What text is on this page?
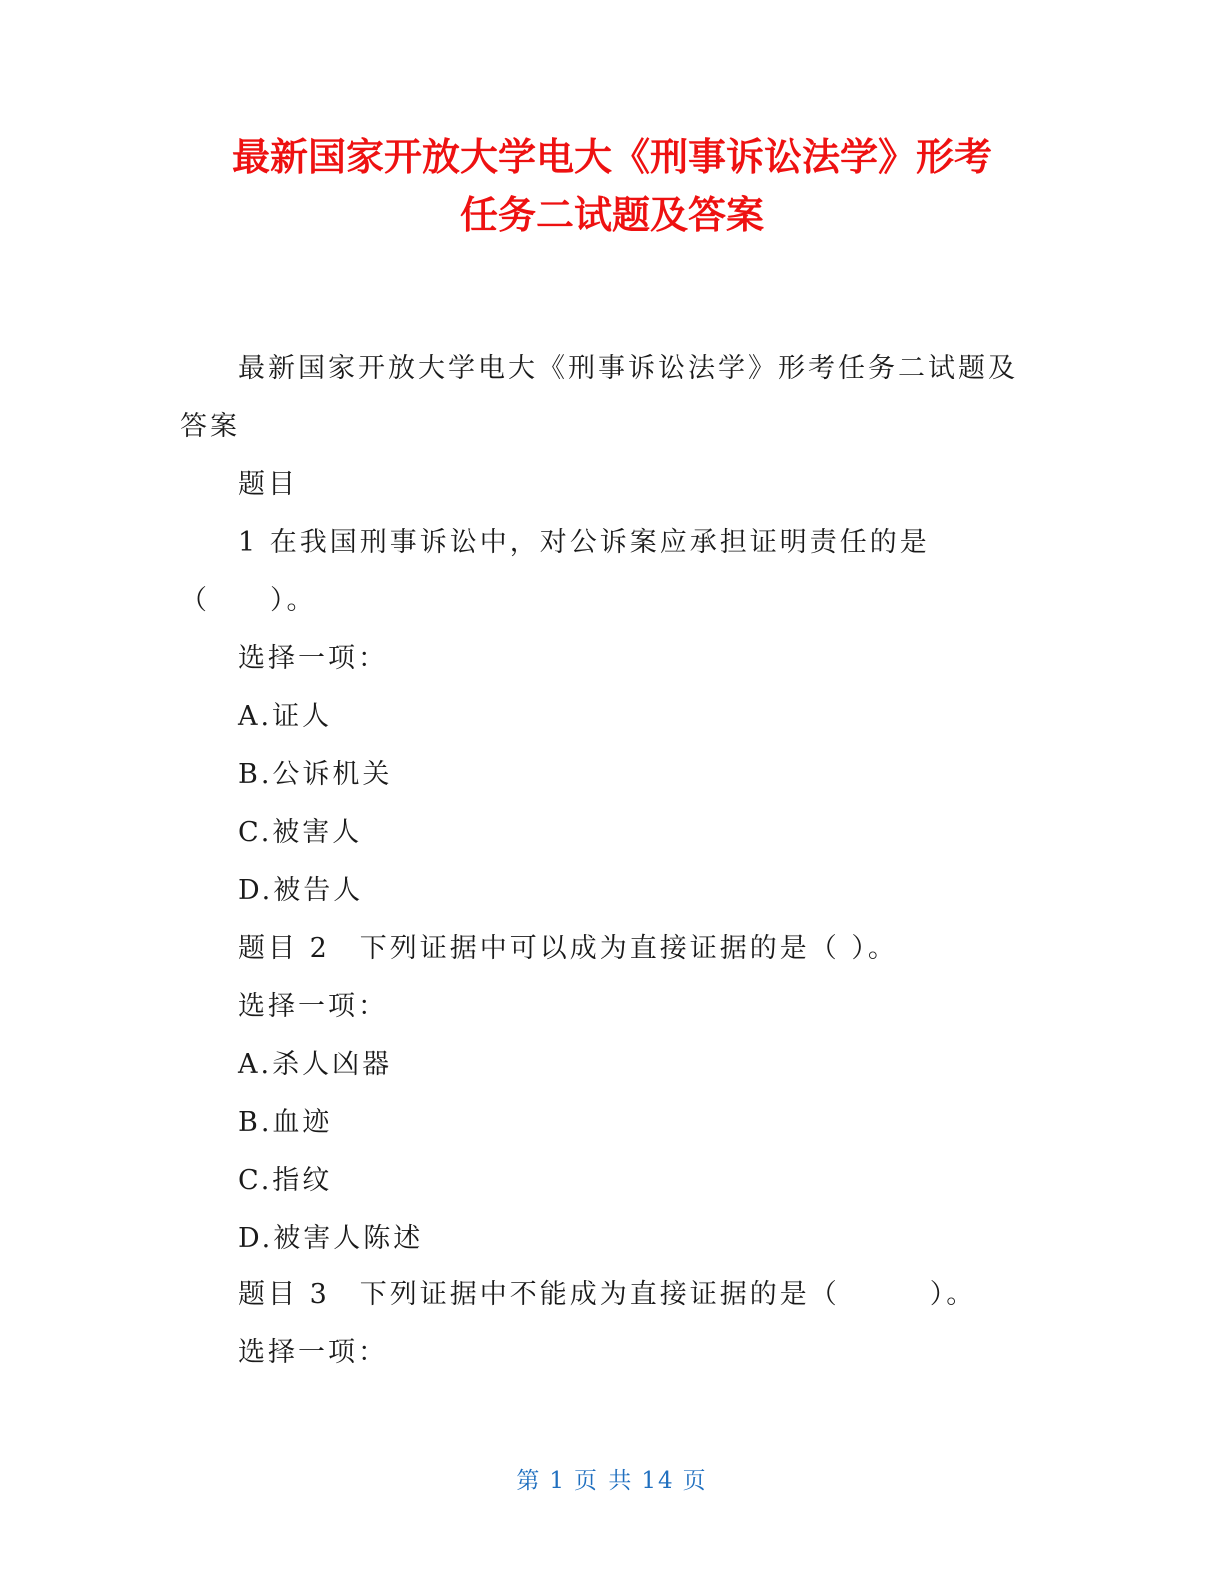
最新国家开放大学电大《刑事诉讼法学》形考
任务二试题及答案
最新国家开放大学电大《刑事诉讼法学》形考任务二试题及
答案
题目
1 在我国刑事诉讼中，对公诉案应承担证明责任的是
（　　）。
选择一项：
A.证人
B.公诉机关
C.被害人
D.被告人
题目 2　下列证据中可以成为直接证据的是（ ）。
选择一项：
A.杀人凶器
B.血迹
C.指纹
D.被害人陈述
题目 3　下列证据中不能成为直接证据的是（　　　）。
选择一项：
第 1 页 共 14 页
